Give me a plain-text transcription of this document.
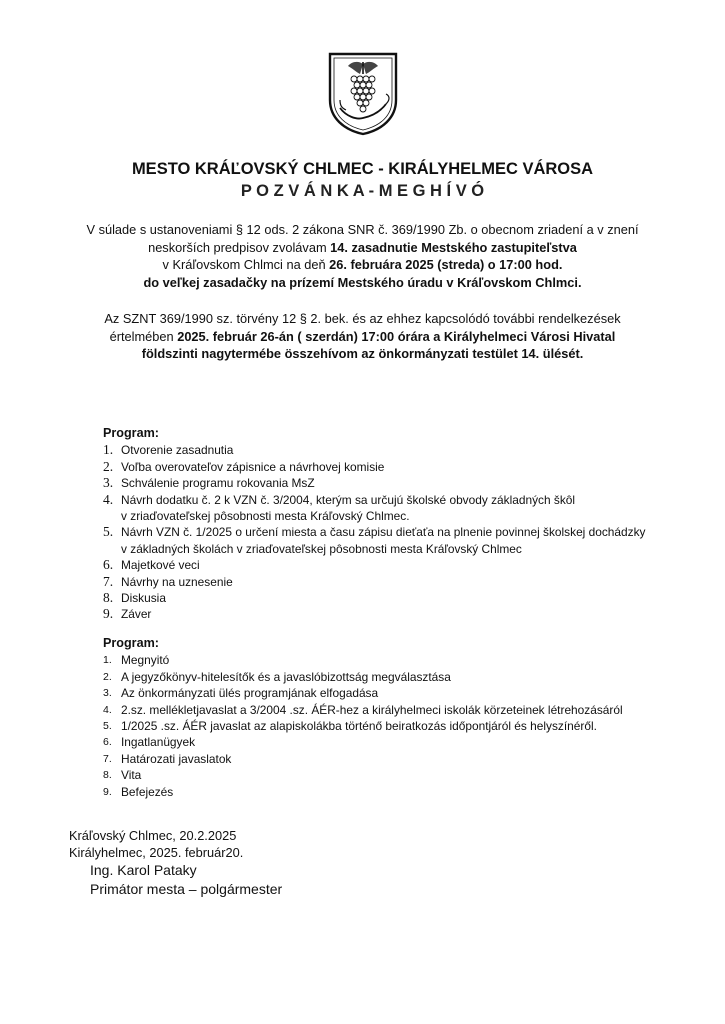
MESTO KRÁĽOVSKÝ CHLMEC - KIRÁLYHELMEC VÁROSA
P O Z V Á N K A - M E G H Í V Ó
V súlade s ustanoveniami § 12 ods. 2 zákona SNR č. 369/1990 Zb. o obecnom zriadení a v znení
neskorších predpisov zvolávam 14. zasadnutie Mestského zastupiteľstva
v Kráľovskom Chlmci na deň 26. februára 2025 (streda) o 17:00 hod.
do veľkej zasadačky na prízemí Mestského úradu v Kráľovskom Chlmci.
Az SZNT 369/1990 sz. törvény 12 § 2. bek. és az ehhez kapcsolódó további rendelkezések
értelmében 2025. február 26-án ( szerdán) 17:00 órára a Királyhelmeci Városi Hivatal
földszinti nagytermébe összehívom az önkormányzati testület 14. ülését.
Program:
1. Otvorenie zasadnutia
2. Voľba overovateľov zápisnice a návrhovej komisie
3. Schválenie programu rokovania MsZ
4. Návrh dodatku č. 2 k VZN č. 3/2004, kterým sa určujú školské obvody základných škôl
v zriaďovateľskej pôsobnosti mesta Kráľovský Chlmec.
5. Návrh VZN č. 1/2025 o určení miesta a času zápisu dieťaťa na plnenie povinnej školskej dochádzky
v základných školách v zriaďovateľskej pôsobnosti mesta Kráľovský Chlmec
6. Majetkové veci
7. Návrhy na uznesenie
8. Diskusia
9. Záver
Program:
1. Megnyitó
2. A jegyzőkönyv-hitelesítők és a javaslóbizottság megválasztása
3. Az önkormányzati ülés programjának elfogadása
4. 2.sz. mellékletjavaslat a 3/2004 .sz. ÁÉR-hez a királyhelmeci iskolák körzeteinek létrehozásáról
5. 1/2025 .sz. ÁÉR javaslat az alapiskolákba történő beiratkozás időpontjáról és helyszínéről.
6. Ingatlanügyek
7. Határozati javaslatok
8. Vita
9. Befejezés
Kráľovský Chlmec, 20.2.2025
Királyhelmec, 2025. február20.
Ing. Karol Pataky
Primátor mesta – polgármester
